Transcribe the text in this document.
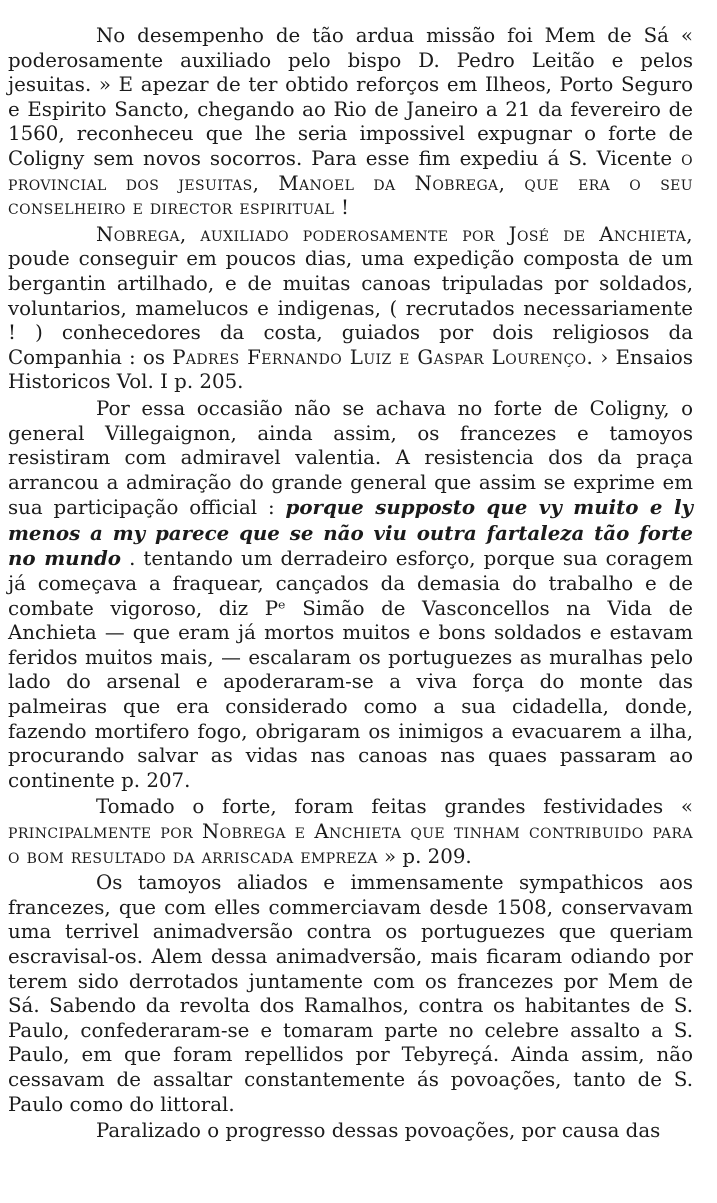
No desempenho de tão ardua missão foi Mem de Sá « poderosamente auxiliado pelo bispo D. Pedro Leitão e pelos jesuitas. » E apezar de ter obtido reforços em Ilheos, Porto Seguro e Espirito Sancto, chegando ao Rio de Janeiro a 21 da fevereiro de 1560, reconheceu que lhe seria impossivel expugnar o forte de Coligny sem novos socorros. Para esse fim expediu á S. Vicente o provincial dos jesuitas, Manoel da Nobrega, que era o seu conselheiro e director espiritual !

Nobrega, auxiliado poderosamente por José de Anchieta, poude conseguir em poucos dias, uma expedição composta de um bergantin artilhado, e de muitas canoas tripuladas por soldados, voluntarios, mamelucos e indigenas, ( recrutados necessariamente ! ) conhecedores da costa, guiados por dois religiosos da Companhia : os Padres Fernando Luiz e Gaspar Lourenço. › Ensaios Historicos Vol. I p. 205.

Por essa occasião não se achava no forte de Coligny, o general Villegaignon, ainda assim, os francezes e tamoyos resistiram com admiravel valentia. A resistencia dos da praça arrancou a admiração do grande general que assim se exprime em sua participação official : porque supposto que vy muito e ly menos a my parece que se não viu outra fartaleza tão forte no mundo . tentando um derradeiro esforço, porque sua coragem já começava a fraquear, cançados da demasia do trabalho e de combate vigoroso, diz Pᵉ Simão de Vasconcellos na Vida de Anchieta — que eram já mortos muitos e bons soldados e estavam feridos muitos mais, — escalaram os portuguezes as muralhas pelo lado do arsenal e apoderaram-se a viva força do monte das palmeiras que era considerado como a sua cidadella, donde, fazendo mortifero fogo, obrigaram os inimigos a evacuarem a ilha, procurando salvar as vidas nas canoas nas quaes passaram ao continente p. 207.

Tomado o forte, foram feitas grandes festividades « principalmente por Nobrega e Anchieta que tinham contribuido para o bom resultado da arriscada empreza » p. 209.

Os tamoyos aliados e immensamente sympathicos aos francezes, que com elles commerciavam desde 1508, conservavam uma terrivel animadversão contra os portuguezes que queriam escravisal-os. Alem dessa animadversão, mais ficaram odiando por terem sido derrotados juntamente com os francezes por Mem de Sá. Sabendo da revolta dos Ramalhos, contra os habitantes de S. Paulo, confederaram-se e tomaram parte no celebre assalto a S. Paulo, em que foram repellidos por Tebyreçá. Ainda assim, não cessavam de assaltar constantemente ás povoações, tanto de S. Paulo como do littoral.

Paralizado o progresso dessas povoações, por causa das
